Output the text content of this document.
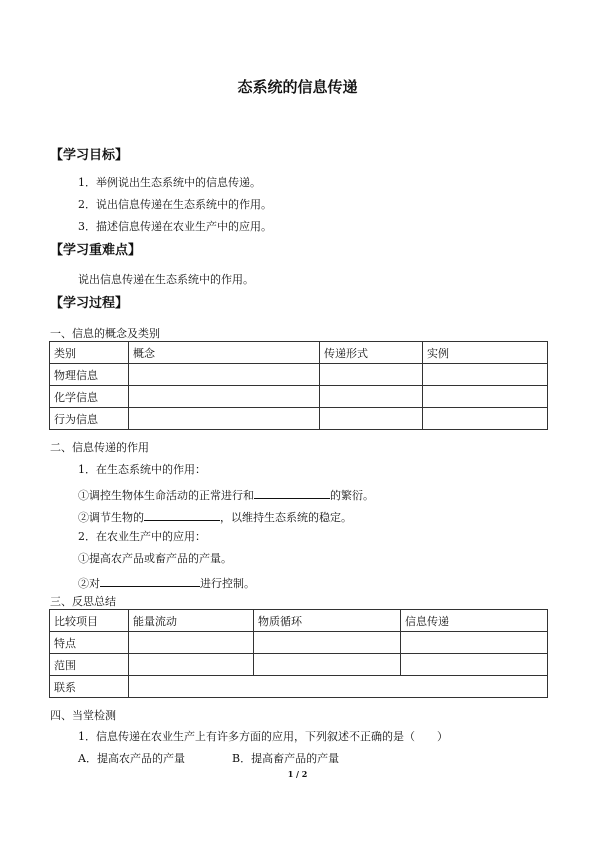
态系统的信息传递
【学习目标】
1．举例说出生态系统中的信息传递。
2．说出信息传递在生态系统中的作用。
3．描述信息传递在农业生产中的应用。
【学习重难点】
说出信息传递在生态系统中的作用。
【学习过程】
一、信息的概念及类别
类别	概念	传递形式	实例
物理信息			
化学信息			
行为信息			
二、信息传递的作用
1．在生态系统中的作用：
①调控生物体生命活动的正常进行和	的繁衍。
②调节生物的	，以维持生态系统的稳定。
2．在农业生产中的应用：
①提高农产品或畜产品的产量。
②对	进行控制。
三、反思总结
比较项目	能量流动	物质循环	信息传递
特点			
范围			
联系			
四、当堂检测
1．信息传递在农业生产上有许多方面的应用，下列叙述不正确的是（　　）
A．提高农产品的产量	B．提高畜产品的产量
1 / 2
